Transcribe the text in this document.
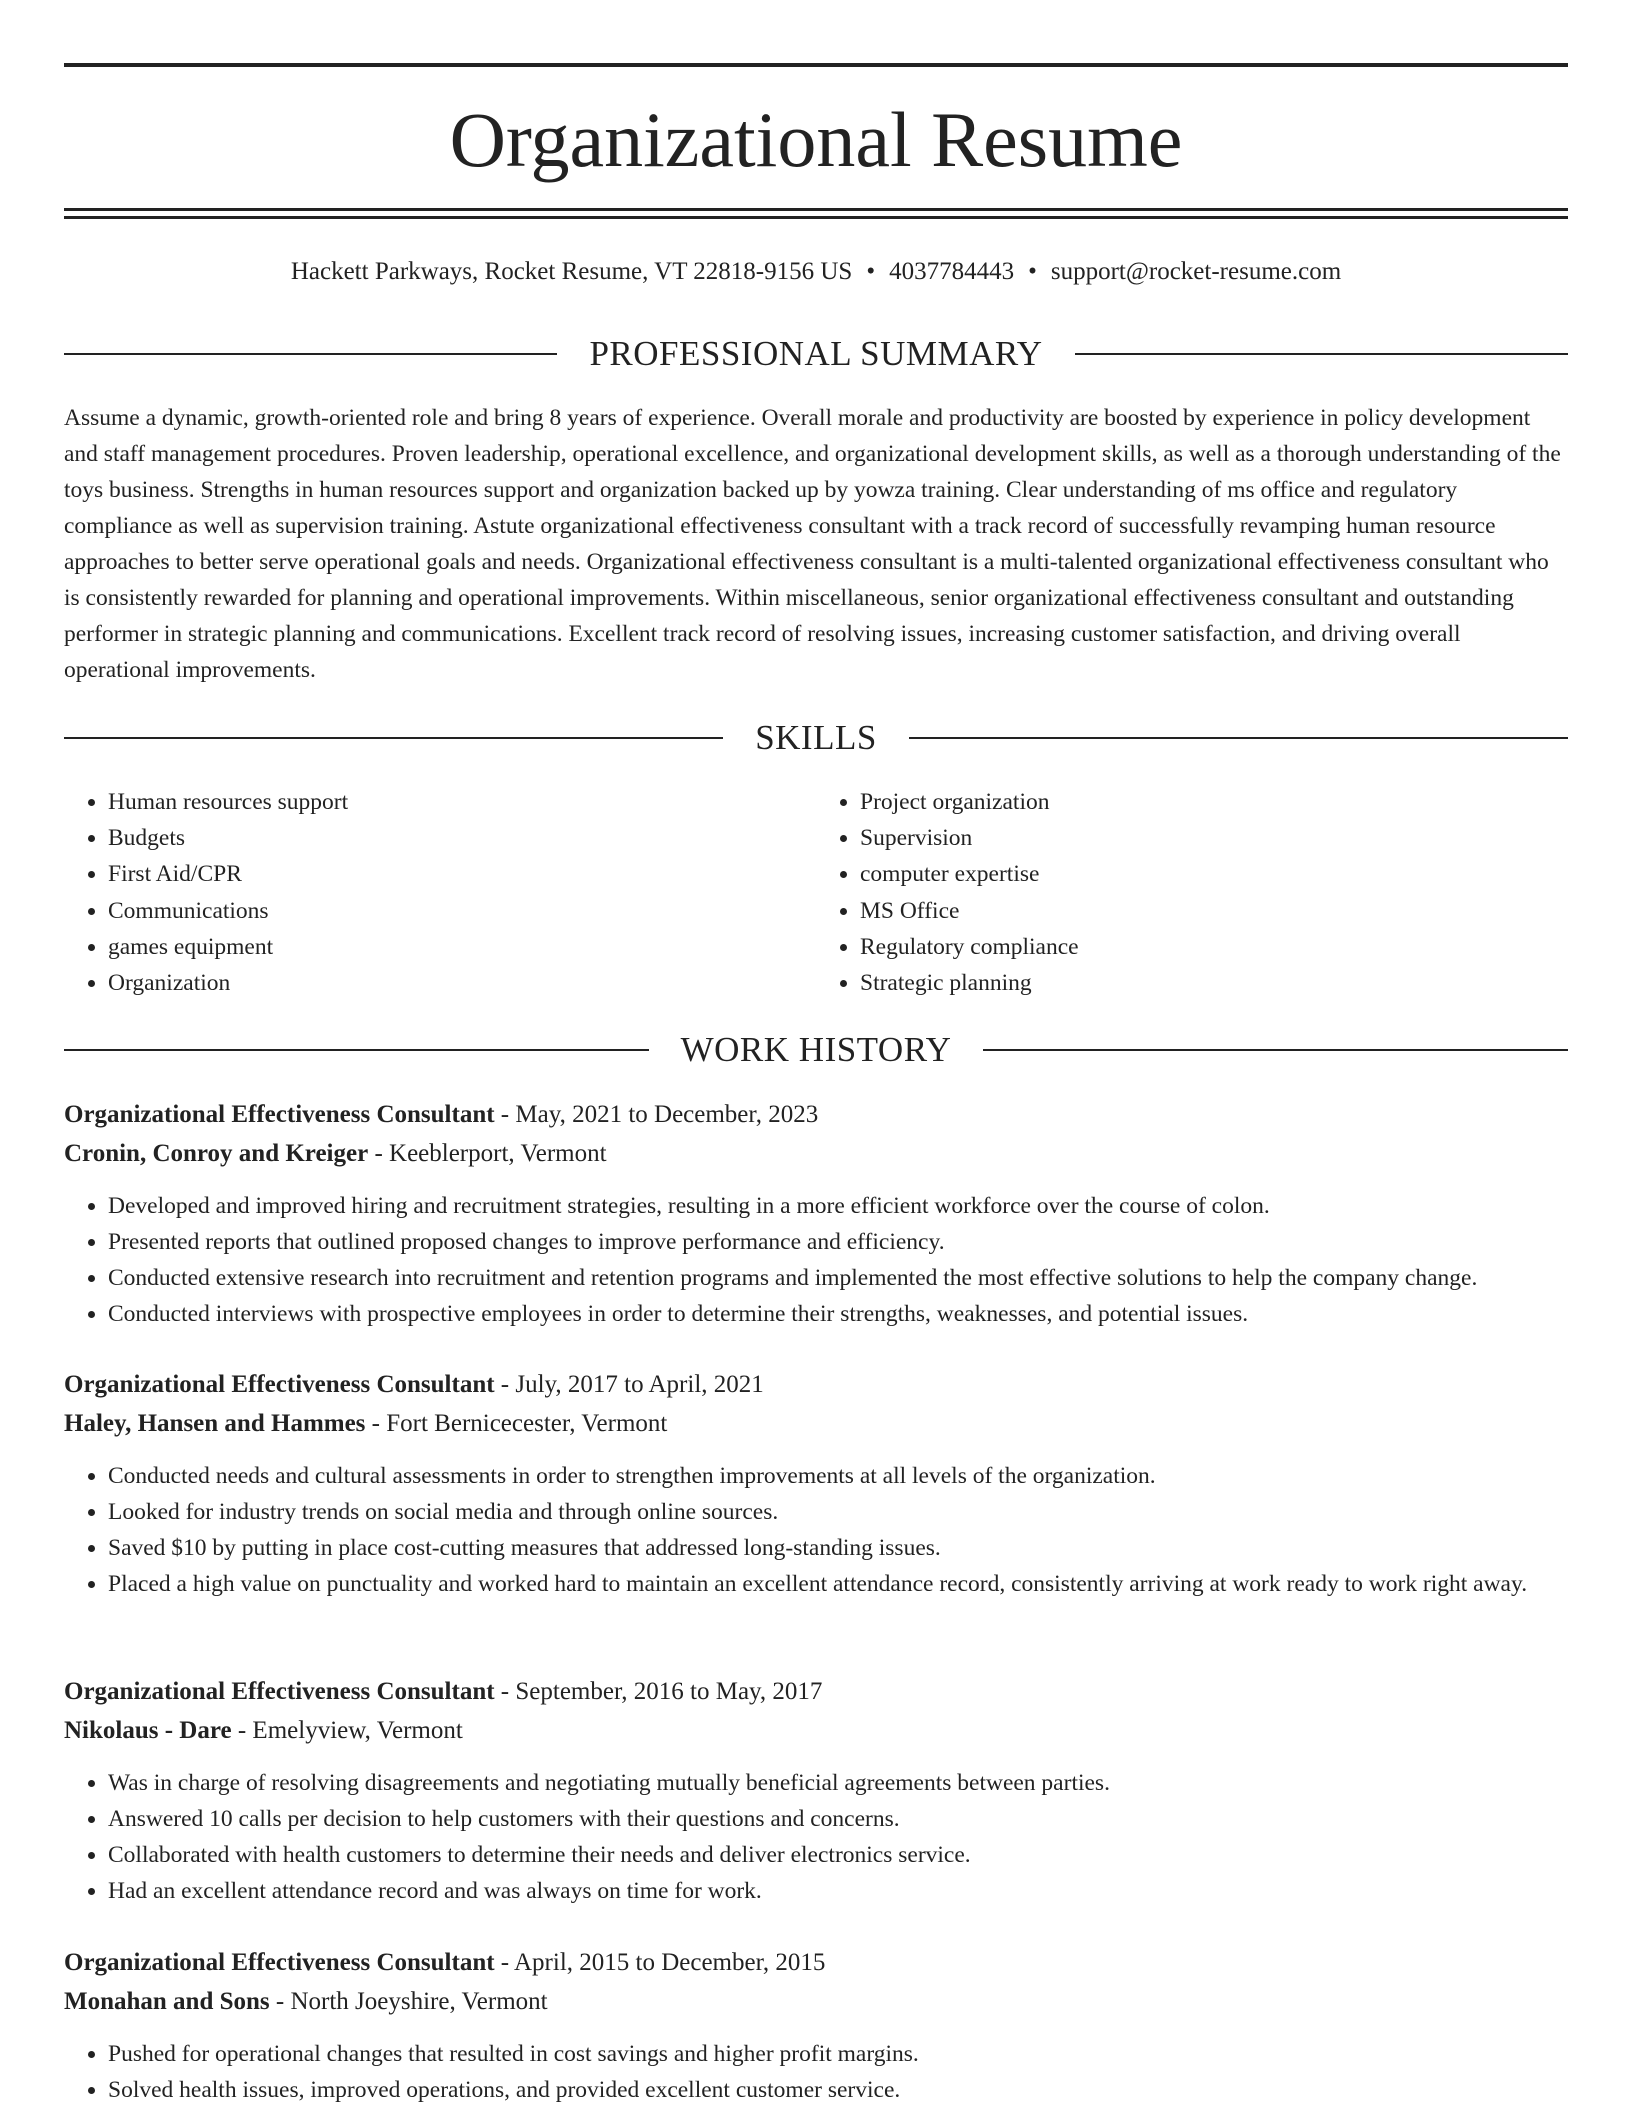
Organizational Resume
Hackett Parkways, Rocket Resume, VT 22818-9156 US • 4037784443 • support@rocket-resume.com
PROFESSIONAL SUMMARY

Assume a dynamic, growth-oriented role and bring 8 years of experience. Overall morale and productivity are boosted by experience in policy development and staff management procedures. Proven leadership, operational excellence, and organizational development skills, as well as a thorough understanding of the toys business. Strengths in human resources support and organization backed up by yowza training. Clear understanding of ms office and regulatory compliance as well as supervision training. Astute organizational effectiveness consultant with a track record of successfully revamping human resource approaches to better serve operational goals and needs. Organizational effectiveness consultant is a multi-talented organizational effectiveness consultant who is consistently rewarded for planning and operational improvements. Within miscellaneous, senior organizational effectiveness consultant and outstanding performer in strategic planning and communications. Excellent track record of resolving issues, increasing customer satisfaction, and driving overall operational improvements.

SKILLS
• Human resources support
• Budgets
• First Aid/CPR
• Communications
• games equipment
• Organization
• Project organization
• Supervision
• computer expertise
• MS Office
• Regulatory compliance
• Strategic planning
WORK HISTORY
Organizational Effectiveness Consultant - May, 2021 to December, 2023
Cronin, Conroy and Kreiger - Keeblerport, Vermont
• Developed and improved hiring and recruitment strategies, resulting in a more efficient workforce over the course of colon.
• Presented reports that outlined proposed changes to improve performance and efficiency.
• Conducted extensive research into recruitment and retention programs and implemented the most effective solutions to help the company change.
• Conducted interviews with prospective employees in order to determine their strengths, weaknesses, and potential issues.
Organizational Effectiveness Consultant - July, 2017 to April, 2021
Haley, Hansen and Hammes - Fort Bernicecester, Vermont
• Conducted needs and cultural assessments in order to strengthen improvements at all levels of the organization.
• Looked for industry trends on social media and through online sources.
• Saved $10 by putting in place cost-cutting measures that addressed long-standing issues.
• Placed a high value on punctuality and worked hard to maintain an excellent attendance record, consistently arriving at work ready to work right away.
Organizational Effectiveness Consultant - September, 2016 to May, 2017
Nikolaus - Dare - Emelyview, Vermont
• Was in charge of resolving disagreements and negotiating mutually beneficial agreements between parties.
• Answered 10 calls per decision to help customers with their questions and concerns.
• Collaborated with health customers to determine their needs and deliver electronics service.
• Had an excellent attendance record and was always on time for work.
Organizational Effectiveness Consultant - April, 2015 to December, 2015
Monahan and Sons - North Joeyshire, Vermont
• Pushed for operational changes that resulted in cost savings and higher profit margins.
• Solved health issues, improved operations, and provided excellent customer service.
